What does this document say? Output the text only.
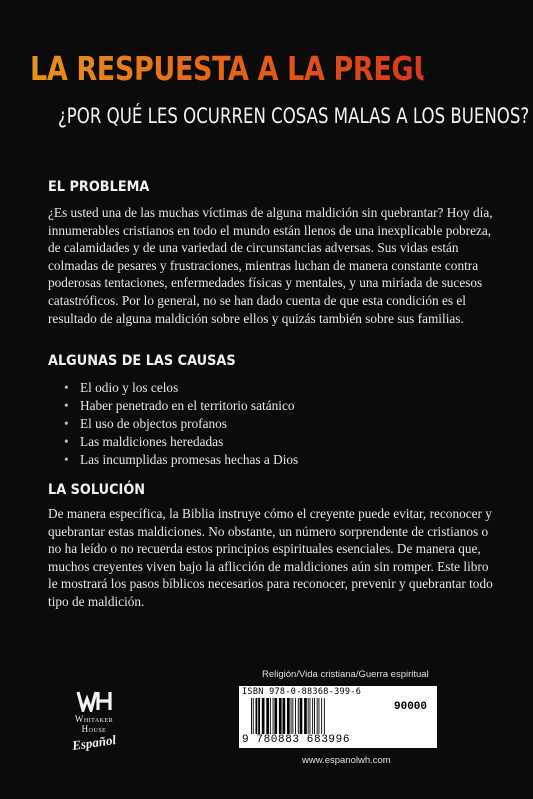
LA RESPUESTA A LA PREGUNTA:
¿POR QUÉ LES OCURREN COSAS MALAS A LOS BUENOS?
EL PROBLEMA

¿Es usted una de las muchas víctimas de alguna maldición sin quebrantar? Hoy día, innumerables cristianos en todo el mundo están llenos de una inexplicable pobreza, de calamidades y de una variedad de circunstancias adversas. Sus vidas están colmadas de pesares y frustraciones, mientras luchan de manera constante contra poderosas tentaciones, enfermedades físicas y mentales, y una miríada de sucesos catastróficos. Por lo general, no se han dado cuenta de que esta condición es el resultado de alguna maldición sobre ellos y quizás también sobre sus familias.

ALGUNAS DE LAS CAUSAS
• El odio y los celos
• Haber penetrado en el territorio satánico
• El uso de objectos profanos
• Las maldiciones heredadas
• Las incumplidas promesas hechas a Dios
LA SOLUCIÓN

De manera específica, la Biblia instruye cómo el creyente puede evitar, reconocer y quebrantar estas maldiciones. No obstante, un número sorprendente de cristianos o no ha leído o no recuerda estos principios espirituales esenciales. De manera que, muchos creyentes viven bajo la aflicción de maldiciones aún sin romper. Este libro le mostrará los pasos bíblicos necesarios para reconocer, prevenir y quebrantar todo tipo de maldición.

Whitaker
House
Español
Religión/Vida cristiana/Guerra espiritual
ISBN 978-0-88368-399-6
90000
9 780883 683996
www.espanolwh.com
